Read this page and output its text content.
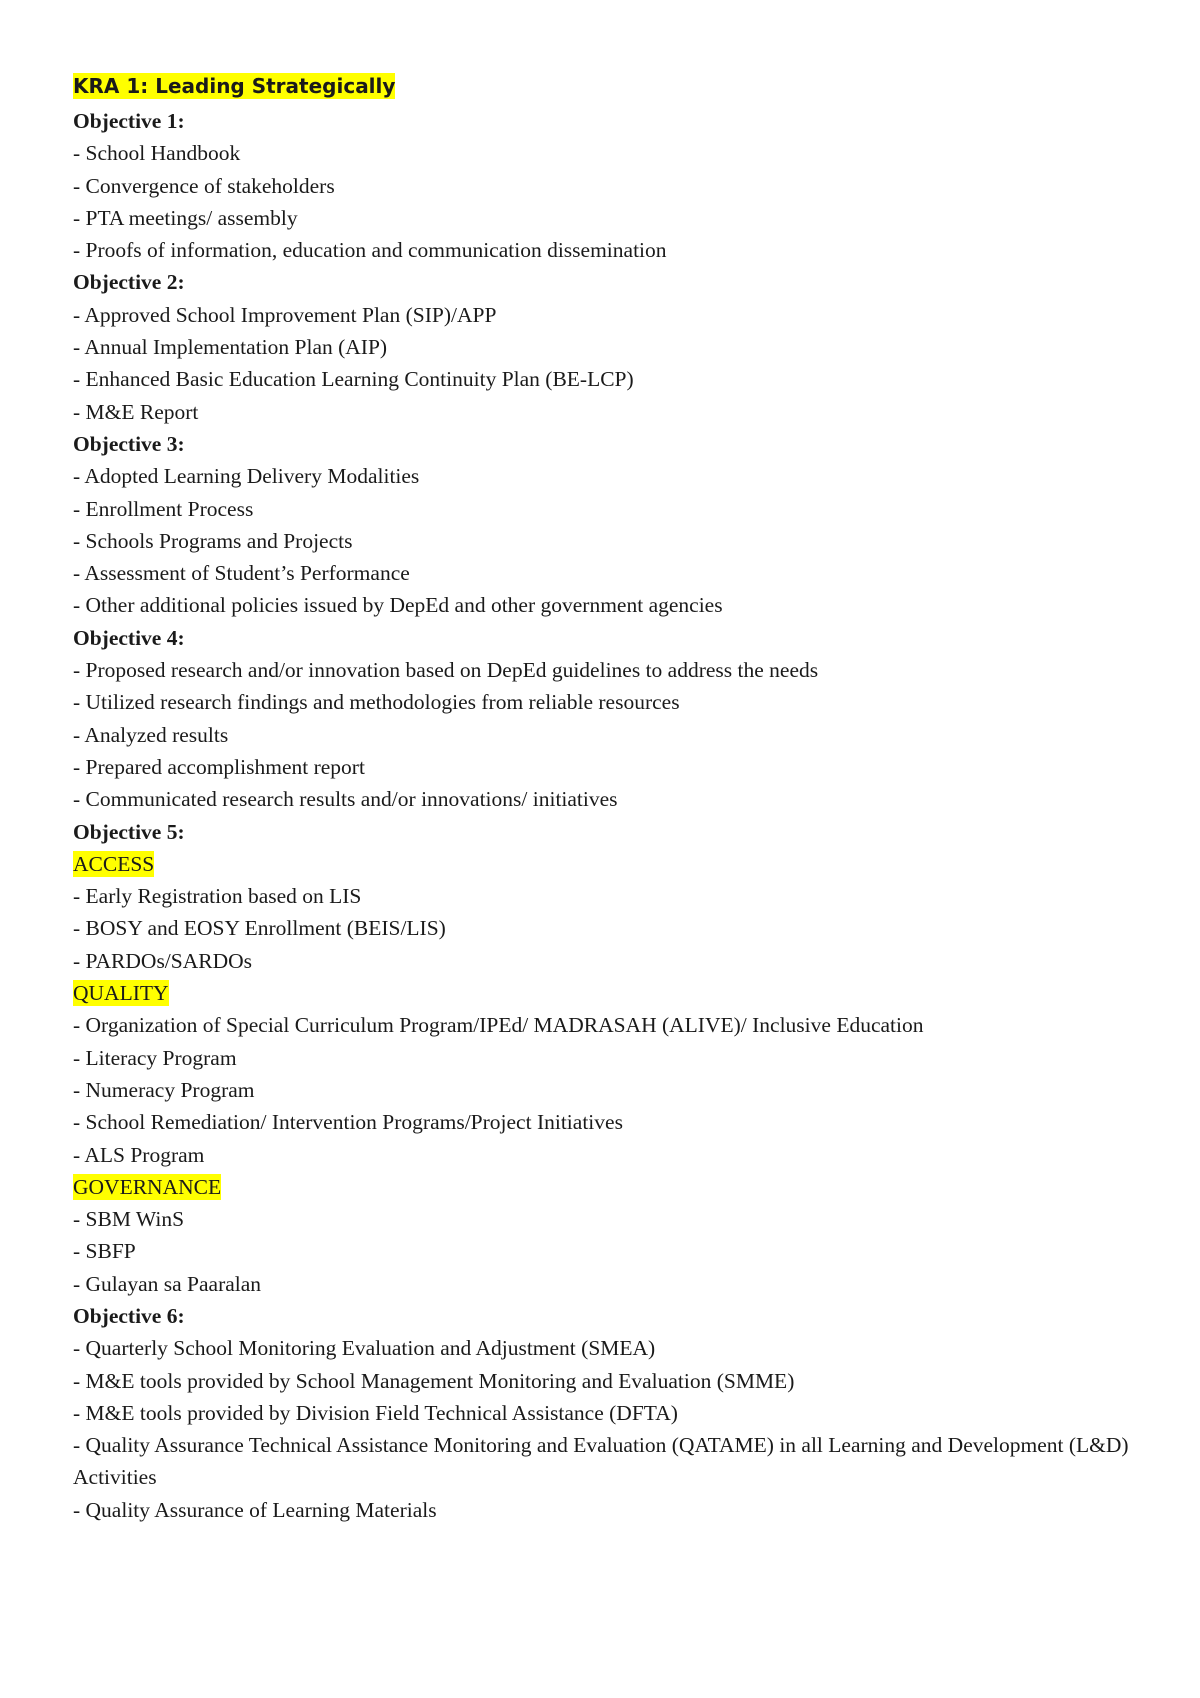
KRA 1: Leading Strategically
Objective 1:
- School Handbook
- Convergence of stakeholders
- PTA meetings/ assembly
- Proofs of information, education and communication dissemination
Objective 2:
- Approved School Improvement Plan (SIP)/APP
- Annual Implementation Plan (AIP)
- Enhanced Basic Education Learning Continuity Plan (BE-LCP)
- M&E Report
Objective 3:
- Adopted Learning Delivery Modalities
- Enrollment Process
- Schools Programs and Projects
- Assessment of Student’s Performance
- Other additional policies issued by DepEd and other government agencies
Objective 4:
- Proposed research and/or innovation based on DepEd guidelines to address the needs
- Utilized research findings and methodologies from reliable resources
- Analyzed results
- Prepared accomplishment report
- Communicated research results and/or innovations/ initiatives
Objective 5:
ACCESS
- Early Registration based on LIS
- BOSY and EOSY Enrollment (BEIS/LIS)
- PARDOs/SARDOs
QUALITY
- Organization of Special Curriculum Program/IPEd/ MADRASAH (ALIVE)/ Inclusive Education
- Literacy Program
- Numeracy Program
- School Remediation/ Intervention Programs/Project Initiatives
- ALS Program
GOVERNANCE
- SBM WinS
- SBFP
- Gulayan sa Paaralan
Objective 6:
- Quarterly School Monitoring Evaluation and Adjustment (SMEA)
- M&E tools provided by School Management Monitoring and Evaluation (SMME)
- M&E tools provided by Division Field Technical Assistance (DFTA)
- Quality Assurance Technical Assistance Monitoring and Evaluation (QATAME) in all Learning and Development (L&D) Activities
- Quality Assurance of Learning Materials
